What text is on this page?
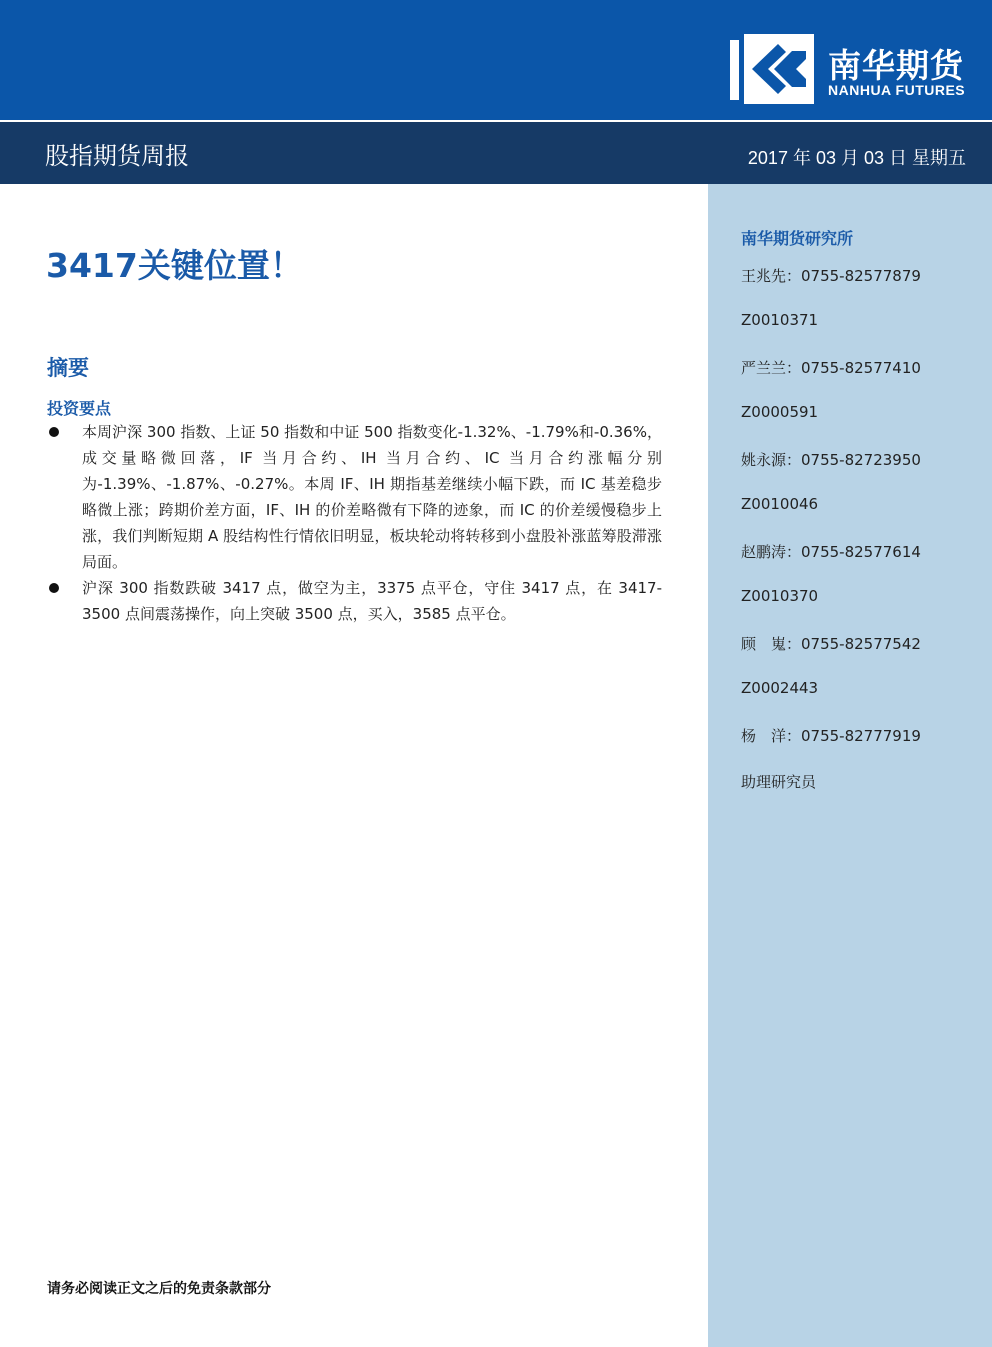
南华期货
NANHUA FUTURES
股指期货周报	2017 年 03 月 03 日 星期五
南华期货研究所
王兆先：0755-82577879
Z0010371
严兰兰：0755-82577410
Z0000591
姚永源：0755-82723950
Z0010046
赵鹏涛：0755-82577614
Z0010370
顾　嵬：0755-82577542
Z0002443
杨　洋：0755-82777919
助理研究员
3417关键位置！
摘要
投资要点
本周沪深 300 指数、上证 50 指数和中证 500 指数变化-1.32%、-1.79%和-0.36%，成交量略微回落，IF 当月合约、IH 当月合约、IC 当月合约涨幅分别为-1.39%、-1.87%、-0.27%。本周 IF、IH 期指基差继续小幅下跌，而 IC 基差稳步略微上涨；跨期价差方面，IF、IH 的价差略微有下降的迹象，而 IC 的价差缓慢稳步上涨，我们判断短期 A 股结构性行情依旧明显，板块轮动将转移到小盘股补涨蓝筹股滞涨局面。
沪深 300 指数跌破 3417 点，做空为主，3375 点平仓，守住 3417 点，在 3417-3500 点间震荡操作，向上突破 3500 点，买入，3585 点平仓。
请务必阅读正文之后的免责条款部分
